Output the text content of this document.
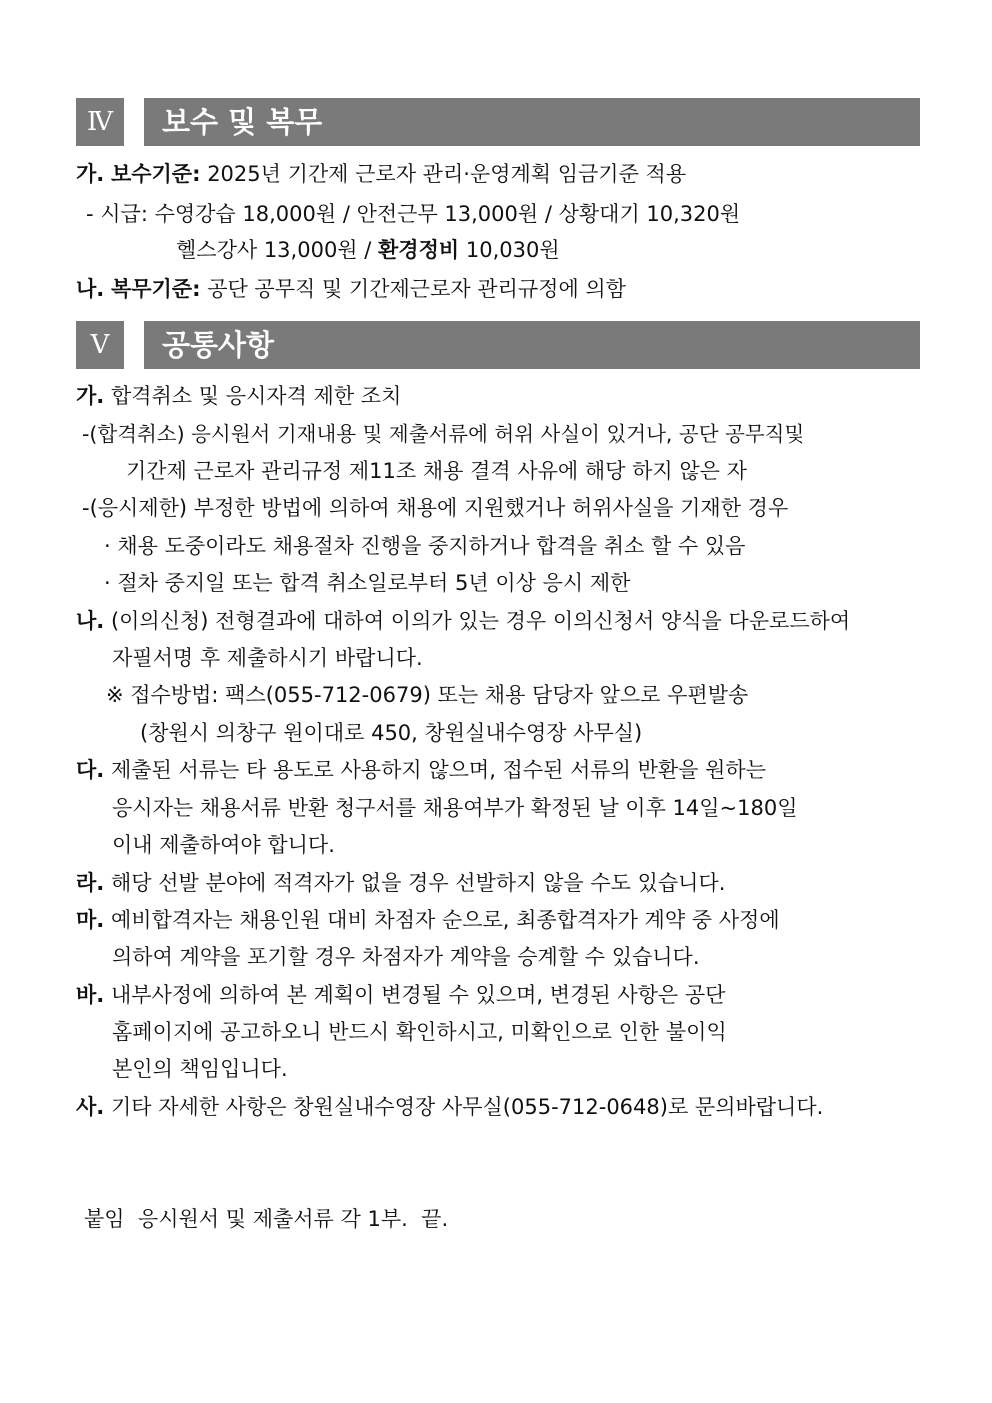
Ⅳ	보수 및 복무
가. 보수기준: 2025년 기간제 근로자 관리·운영계획 임금기준 적용
- 시급: 수영강습 18,000원 / 안전근무 13,000원 / 상황대기 10,320원
헬스강사 13,000원 / 환경정비 10,030원
나. 복무기준: 공단 공무직 및 기간제근로자 관리규정에 의함
Ⅴ	공통사항
가. 합격취소 및 응시자격 제한 조치
-(합격취소) 응시원서 기재내용 및 제출서류에 허위 사실이 있거나, 공단 공무직및
기간제 근로자 관리규정 제11조 채용 결격 사유에 해당 하지 않은 자
-(응시제한) 부정한 방법에 의하여 채용에 지원했거나 허위사실을 기재한 경우
· 채용 도중이라도 채용절차 진행을 중지하거나 합격을 취소 할 수 있음
· 절차 중지일 또는 합격 취소일로부터 5년 이상 응시 제한
나. (이의신청) 전형결과에 대하여 이의가 있는 경우 이의신청서 양식을 다운로드하여
자필서명 후 제출하시기 바랍니다.
※ 접수방법: 팩스(055-712-0679) 또는 채용 담당자 앞으로 우편발송
(창원시 의창구 원이대로 450, 창원실내수영장 사무실)
다. 제출된 서류는 타 용도로 사용하지 않으며, 접수된 서류의 반환을 원하는
응시자는 채용서류 반환 청구서를 채용여부가 확정된 날 이후 14일~180일
이내 제출하여야 합니다.
라. 해당 선발 분야에 적격자가 없을 경우 선발하지 않을 수도 있습니다.
마. 예비합격자는 채용인원 대비 차점자 순으로, 최종합격자가 계약 중 사정에
의하여 계약을 포기할 경우 차점자가 계약을 승계할 수 있습니다.
바. 내부사정에 의하여 본 계획이 변경될 수 있으며, 변경된 사항은 공단
홈페이지에 공고하오니 반드시 확인하시고, 미확인으로 인한 불이익
본인의 책임입니다.
사. 기타 자세한 사항은 창원실내수영장 사무실(055-712-0648)로 문의바랍니다.
붙임  응시원서 및 제출서류 각 1부.  끝.
